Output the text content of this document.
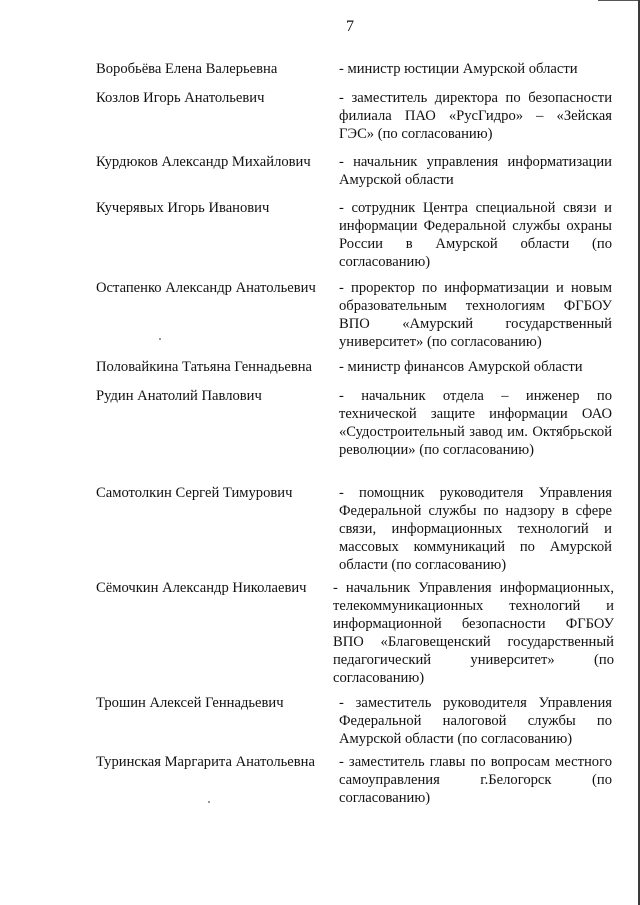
7
Воробьёва Елена Валерьевна	- министр юстиции Амурской области
Козлов Игорь Анатольевич	- заместитель директора по безопасности филиала ПАО «РусГидро» – «Зейская ГЭС» (по согласованию)
Курдюков Александр Михайлович	- начальник управления информатизации Амурской области
Кучерявых Игорь Иванович	- сотрудник Центра специальной связи и информации Федеральной службы охраны России в Амурской области (по согласованию)
Остапенко Александр Анатольевич	- проректор по информатизации и новым образовательным технологиям ФГБОУ ВПО «Амурский государственный университет» (по согласованию)
Половайкина Татьяна Геннадьевна	- министр финансов Амурской области
Рудин Анатолий Павлович	- начальник отдела – инженер по технической защите информации ОАО «Судостроительный завод им. Октябрьской революции» (по согласованию)
Самотолкин Сергей Тимурович	- помощник руководителя Управления Федеральной службы по надзору в сфере связи, информационных технологий и массовых коммуникаций по Амурской области (по согласованию)
Сёмочкин Александр Николаевич	- начальник Управления информационных, телекоммуникационных технологий и информационной безопасности ФГБОУ ВПО «Благовещенский государственный педагогический университет» (по согласованию)
Трошин Алексей Геннадьевич	- заместитель руководителя Управления Федеральной налоговой службы по Амурской области (по согласованию)
Туринская Маргарита Анатольевна	- заместитель главы по вопросам местного самоуправления г.Белогорск (по согласованию)
